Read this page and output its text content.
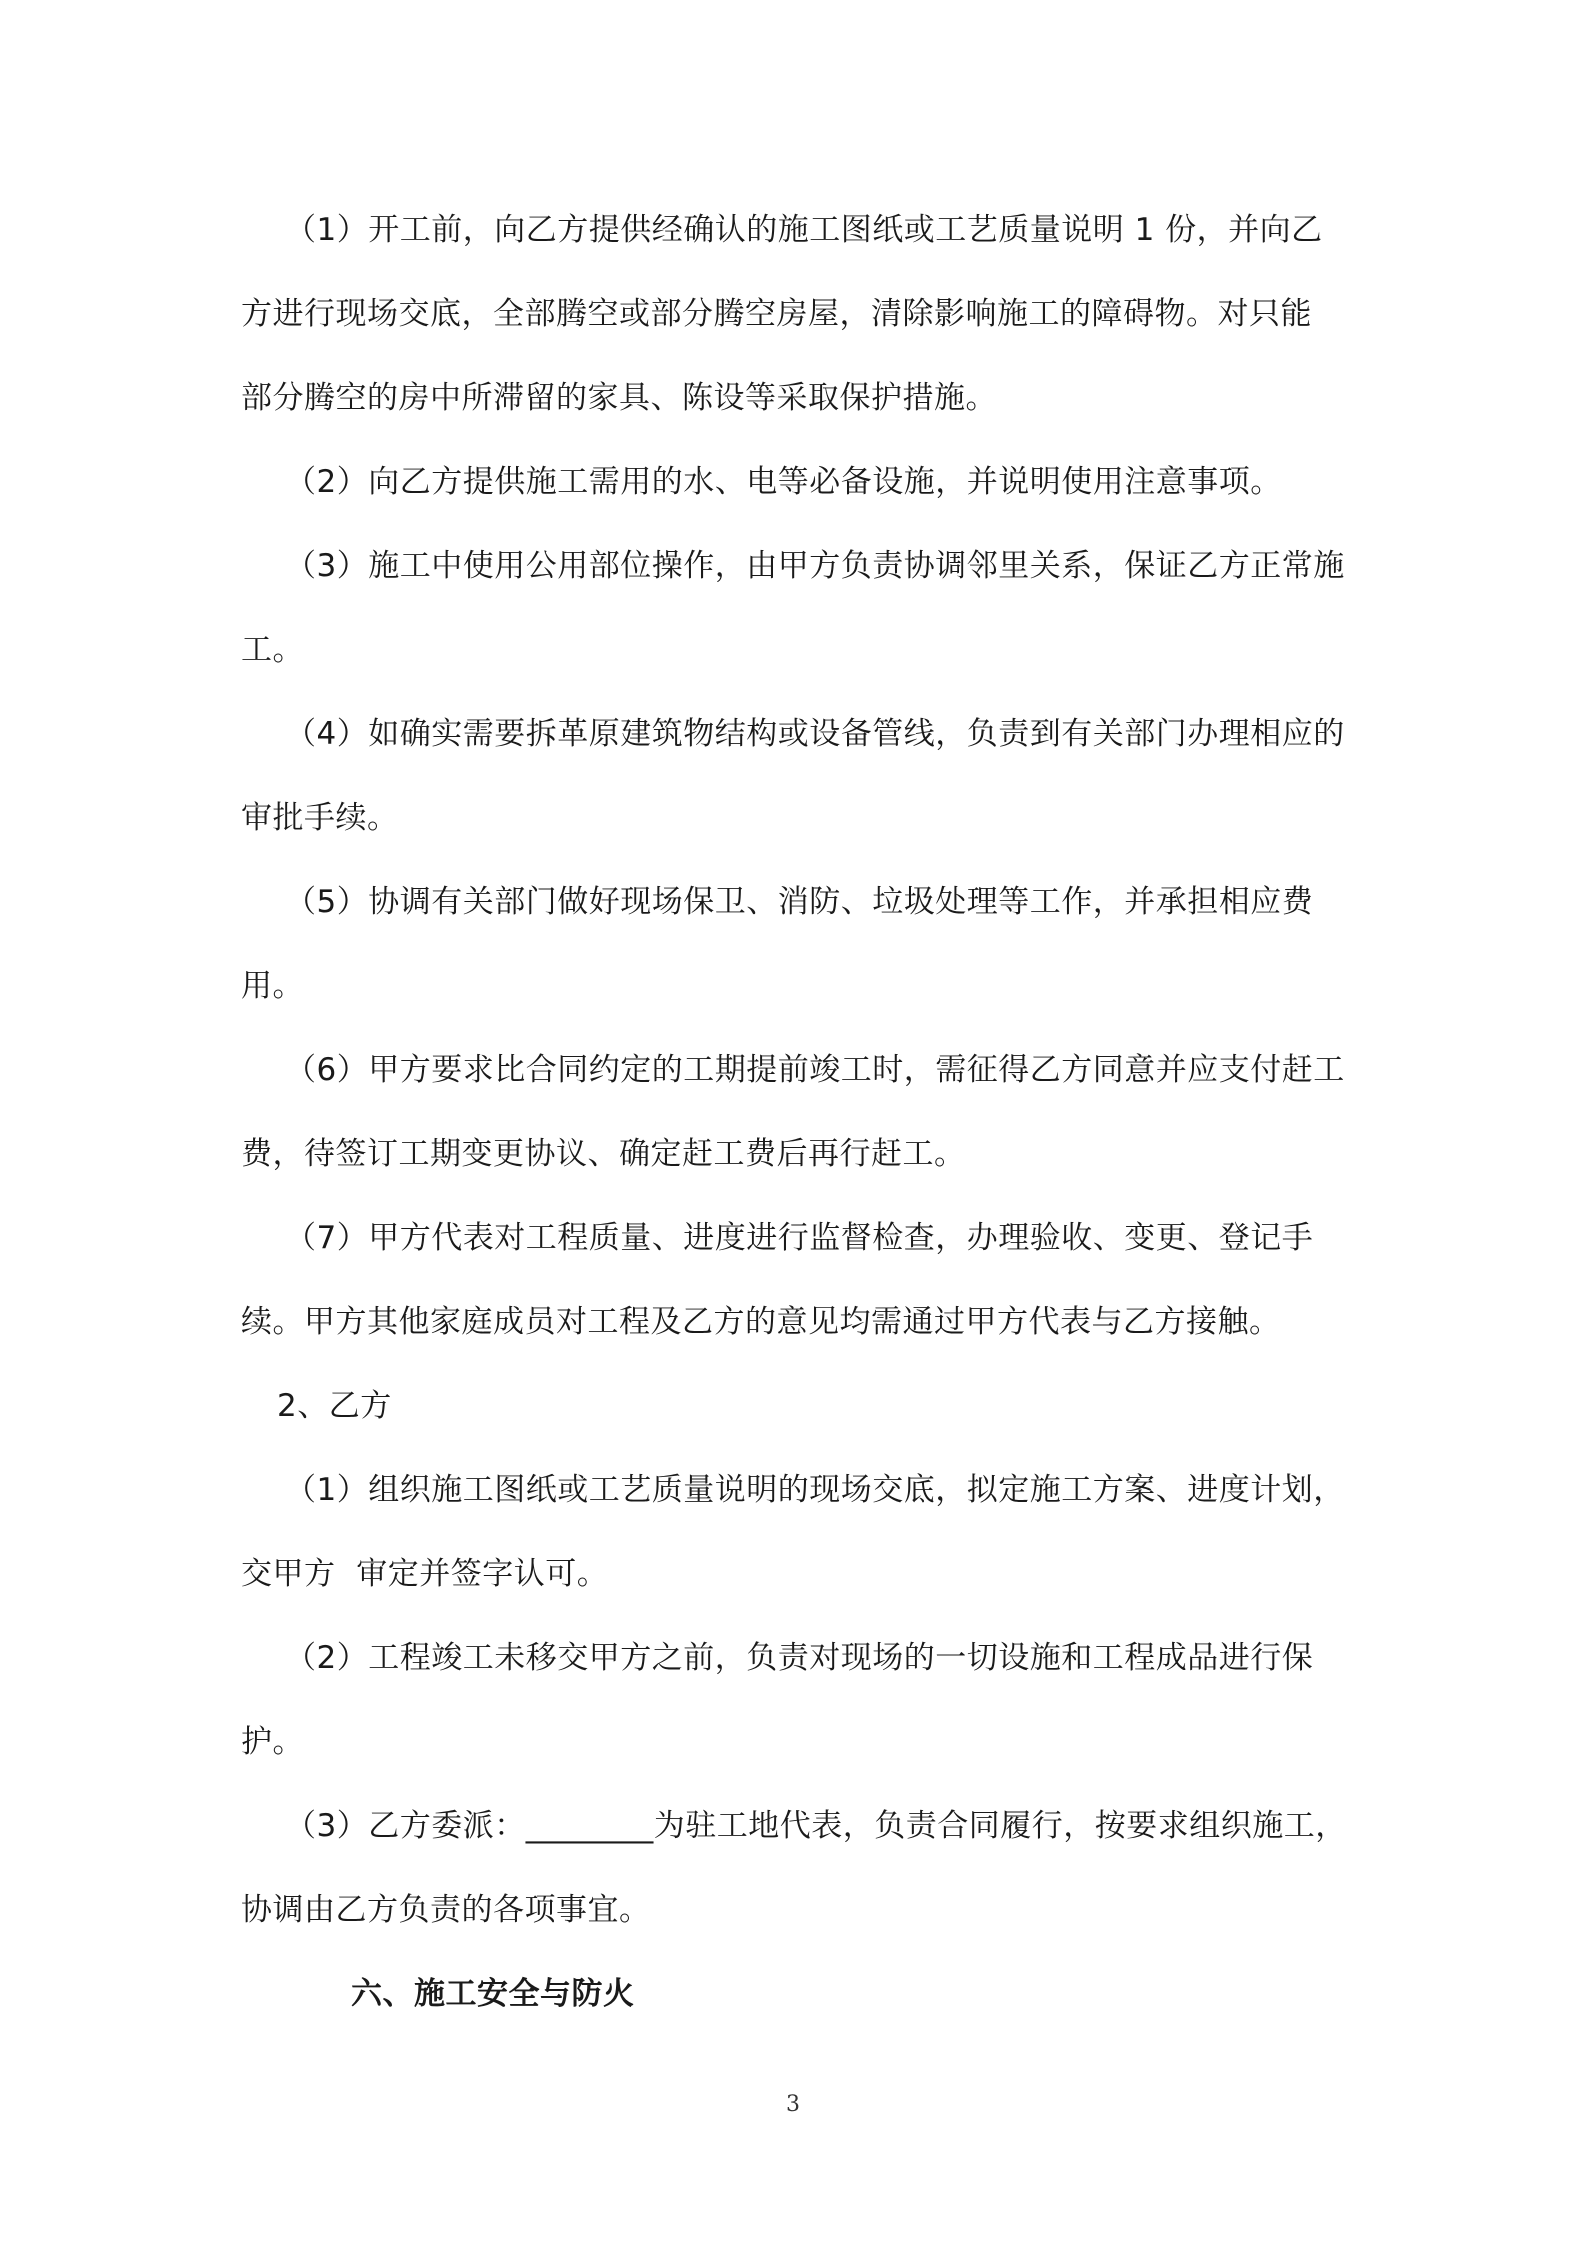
（1）开工前，向乙方提供经确认的施工图纸或工艺质量说明 1 份，并向乙
方进行现场交底，全部腾空或部分腾空房屋，清除影响施工的障碍物。对只能
部分腾空的房中所滞留的家具、陈设等采取保护措施。
（2）向乙方提供施工需用的水、电等必备设施，并说明使用注意事项。
（3）施工中使用公用部位操作，由甲方负责协调邻里关系，保证乙方正常施
工。
（4）如确实需要拆革原建筑物结构或设备管线，负责到有关部门办理相应的
审批手续。
（5）协调有关部门做好现场保卫、消防、垃圾处理等工作，并承担相应费
用。
（6）甲方要求比合同约定的工期提前竣工时，需征得乙方同意并应支付赶工
费，待签订工期变更协议、确定赶工费后再行赶工。
（7）甲方代表对工程质量、进度进行监督检查，办理验收、变更、登记手
续。甲方其他家庭成员对工程及乙方的意见均需通过甲方代表与乙方接触。
2、乙方
（1）组织施工图纸或工艺质量说明的现场交底，拟定施工方案、进度计划，
交甲方  审定并签字认可。
（2）工程竣工未移交甲方之前，负责对现场的一切设施和工程成品进行保
护。
（3）乙方委派：________为驻工地代表，负责合同履行，按要求组织施工，
协调由乙方负责的各项事宜。
六、施工安全与防火
3
